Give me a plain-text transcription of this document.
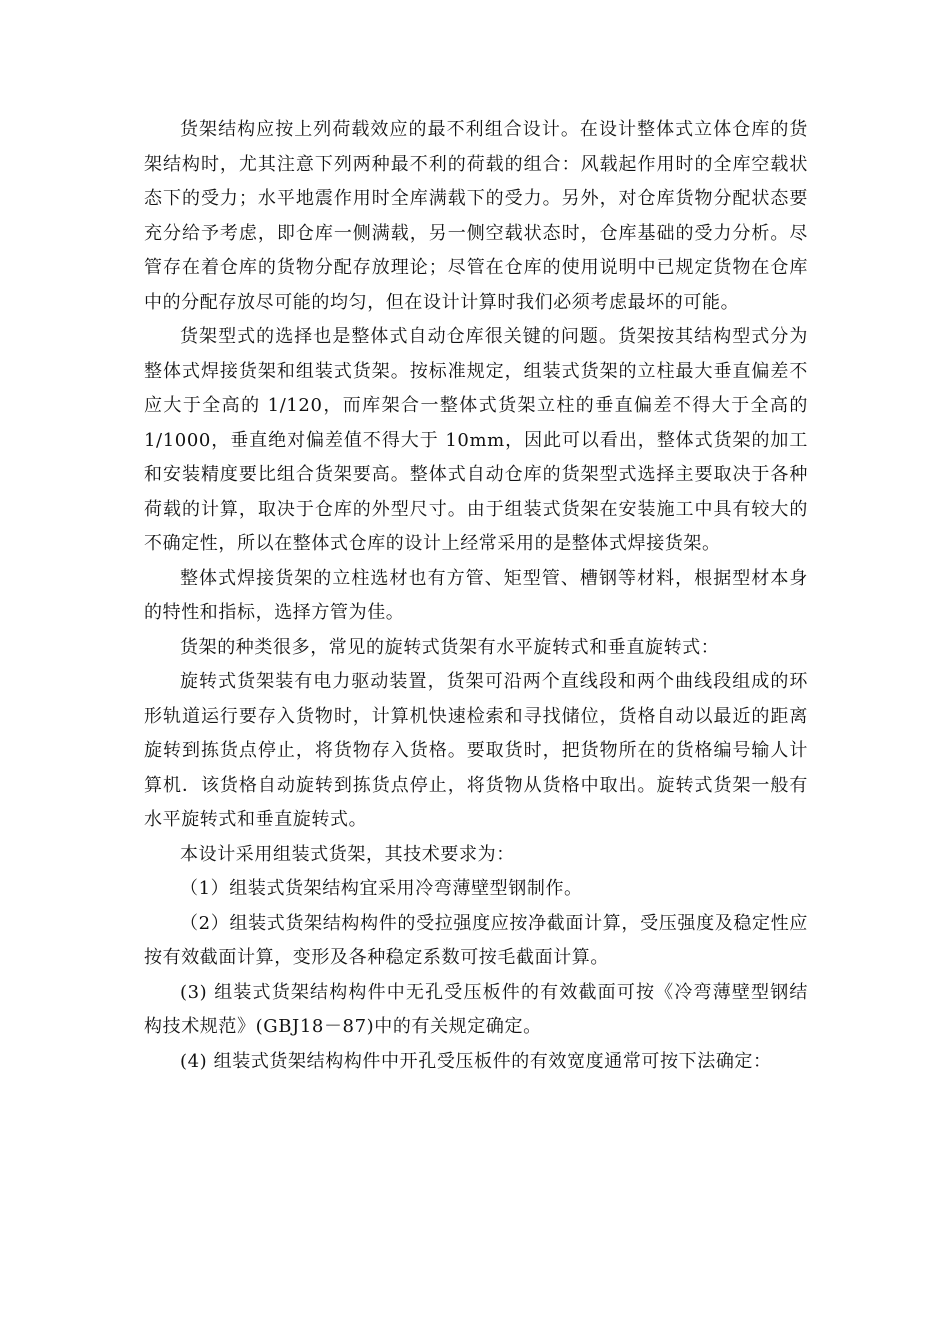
货架结构应按上列荷载效应的最不利组合设计。在设计整体式立体仓库的货架结构时，尤其注意下列两种最不利的荷载的组合：风载起作用时的全库空载状态下的受力；水平地震作用时全库满载下的受力。另外，对仓库货物分配状态要充分给予考虑，即仓库一侧满载，另一侧空载状态时，仓库基础的受力分析。尽管存在着仓库的货物分配存放理论；尽管在仓库的使用说明中已规定货物在仓库中的分配存放尽可能的均匀，但在设计计算时我们必须考虑最坏的可能。

货架型式的选择也是整体式自动仓库很关键的问题。货架按其结构型式分为整体式焊接货架和组装式货架。按标准规定，组装式货架的立柱最大垂直偏差不应大于全高的 1/120，而库架合一整体式货架立柱的垂直偏差不得大于全高的 1/1000，垂直绝对偏差值不得大于 10mm，因此可以看出，整体式货架的加工和安装精度要比组合货架要高。整体式自动仓库的货架型式选择主要取决于各种荷载的计算，取决于仓库的外型尺寸。由于组装式货架在安装施工中具有较大的不确定性，所以在整体式仓库的设计上经常采用的是整体式焊接货架。

整体式焊接货架的立柱选材也有方管、矩型管、槽钢等材料，根据型材本身的特性和指标，选择方管为佳。

货架的种类很多，常见的旋转式货架有水平旋转式和垂直旋转式：

旋转式货架装有电力驱动装置，货架可沿两个直线段和两个曲线段组成的环形轨道运行要存入货物时，计算机快速检索和寻找储位，货格自动以最近的距离旋转到拣货点停止，将货物存入货格。要取货时，把货物所在的货格编号输人计算机．该货格自动旋转到拣货点停止，将货物从货格中取出。旋转式货架一般有水平旋转式和垂直旋转式。

本设计采用组装式货架，其技术要求为：

（1）组装式货架结构宜采用冷弯薄壁型钢制作。

（2）组装式货架结构构件的受拉强度应按净截面计算，受压强度及稳定性应按有效截面计算，变形及各种稳定系数可按毛截面计算。

(3) 组装式货架结构构件中无孔受压板件的有效截面可按《冷弯薄壁型钢结构技术规范》(GBJ18－87)中的有关规定确定。

(4) 组装式货架结构构件中开孔受压板件的有效宽度通常可按下法确定：
